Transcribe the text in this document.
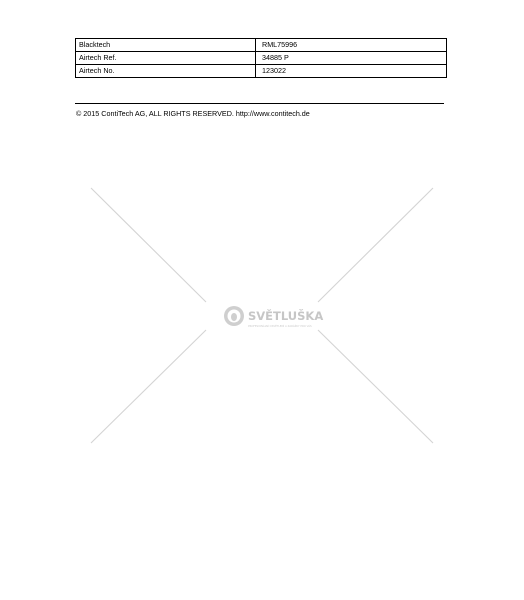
Blacktech	RML75996
Airtech Ref.	34885 P
Airtech No.	123022
© 2015 ContiTech AG, ALL RIGHTS RESERVED. http://www.contitech.de
SVĚTLUŠKA
PROFESIONÁLNÍ OSVĚTLENÍ A ZARÁŽKY PRO VÁS
